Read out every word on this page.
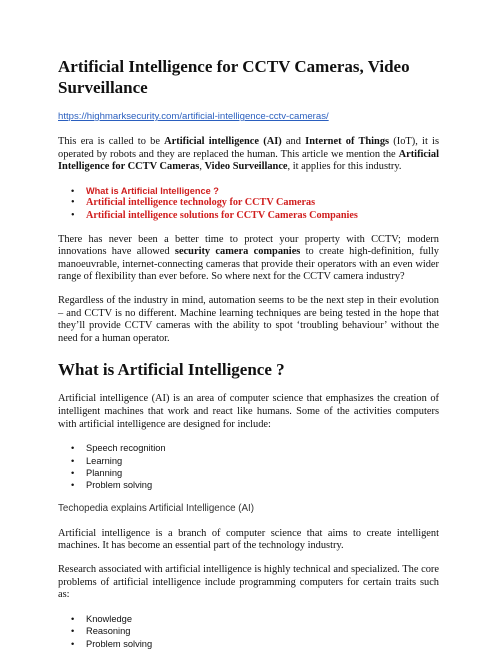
Artificial Intelligence for CCTV Cameras, Video Surveillance
https://highmarksecurity.com/artificial-intelligence-cctv-cameras/

This era is called to be Artificial intelligence (AI) and Internet of Things (IoT), it is operated by robots and they are replaced the human. This article we mention the Artificial Intelligence for CCTV Cameras, Video Surveillance, it applies for this industry.

• What is Artificial Intelligence ?
• Artificial intelligence technology for CCTV Cameras
• Artificial intelligence solutions for CCTV Cameras Companies

There has never been a better time to protect your property with CCTV; modern innovations have allowed security camera companies to create high-definition, fully manoeuvrable, internet-connecting cameras that provide their operators with an even wider range of flexibility than ever before. So where next for the CCTV camera industry?

Regardless of the industry in mind, automation seems to be the next step in their evolution – and CCTV is no different. Machine learning techniques are being tested in the hope that they’ll provide CCTV cameras with the ability to spot ‘troubling behaviour’ without the need for a human operator.

What is Artificial Intelligence ?

Artificial intelligence (AI) is an area of computer science that emphasizes the creation of intelligent machines that work and react like humans. Some of the activities computers with artificial intelligence are designed for include:

• Speech recognition
• Learning
• Planning
• Problem solving
Techopedia explains Artificial Intelligence (AI)

Artificial intelligence is a branch of computer science that aims to create intelligent machines. It has become an essential part of the technology industry.

Research associated with artificial intelligence is highly technical and specialized. The core problems of artificial intelligence include programming computers for certain traits such as:

• Knowledge
• Reasoning
• Problem solving
